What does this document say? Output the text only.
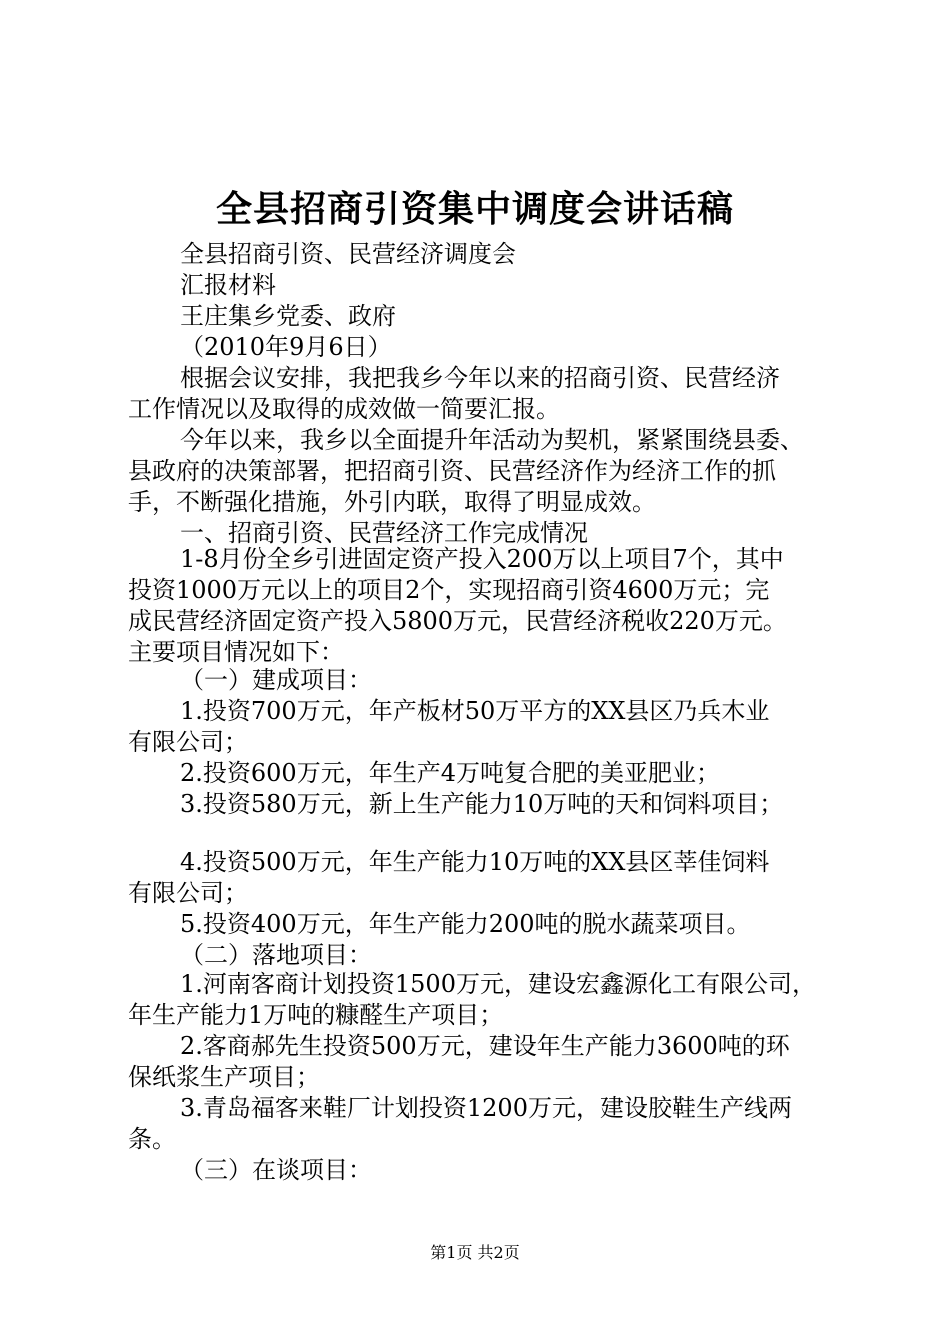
全县招商引资集中调度会讲话稿
全县招商引资、民营经济调度会
汇报材料
王庄集乡党委、政府
（2010年9月6日）
根据会议安排，我把我乡今年以来的招商引资、民营经济
工作情况以及取得的成效做一简要汇报。
今年以来，我乡以全面提升年活动为契机，紧紧围绕县委、
县政府的决策部署，把招商引资、民营经济作为经济工作的抓
手，不断强化措施，外引内联，取得了明显成效。
一、招商引资、民营经济工作完成情况
1-8月份全乡引进固定资产投入200万以上项目7个，其中
投资1000万元以上的项目2个，实现招商引资4600万元；完
成民营经济固定资产投入5800万元，民营经济税收220万元。
主要项目情况如下：
（一）建成项目：
1.投资700万元，年产板材50万平方的XX县区乃兵木业
有限公司；
2.投资600万元，年生产4万吨复合肥的美亚肥业；
3.投资580万元，新上生产能力10万吨的天和饲料项目；
4.投资500万元，年生产能力10万吨的XX县区莘佳饲料
有限公司；
5.投资400万元，年生产能力200吨的脱水蔬菜项目。
（二）落地项目：
1.河南客商计划投资1500万元，建设宏鑫源化工有限公司，
年生产能力1万吨的糠醛生产项目；
2.客商郝先生投资500万元，建设年生产能力3600吨的环
保纸浆生产项目；
3.青岛福客来鞋厂计划投资1200万元，建设胶鞋生产线两
条。
（三）在谈项目：
第1页 共2页
